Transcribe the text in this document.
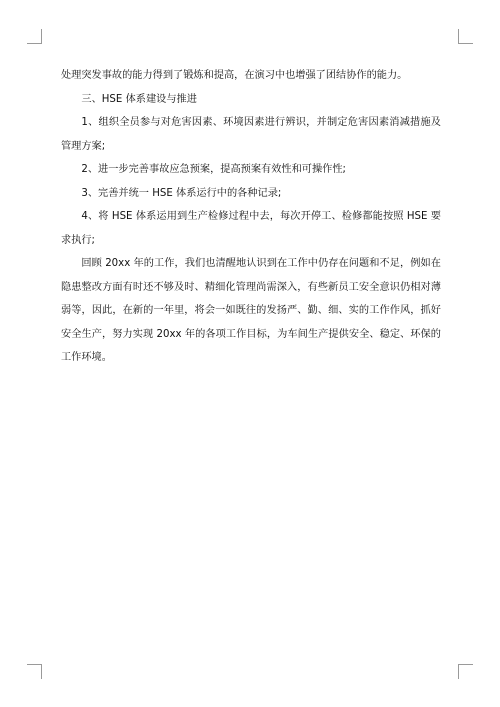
处理突发事故的能力得到了锻炼和提高，在演习中也增强了团结协作的能力。

三、HSE 体系建设与推进

1、组织全员参与对危害因素、环境因素进行辨识，并制定危害因素消减措施及管理方案;

2、进一步完善事故应急预案，提高预案有效性和可操作性;

3、完善并统一 HSE 体系运行中的各种记录;

4、将 HSE 体系运用到生产检修过程中去，每次开停工、检修都能按照 HSE 要求执行;

回顾 20xx 年的工作，我们也清醒地认识到在工作中仍存在问题和不足，例如在隐患整改方面有时还不够及时、精细化管理尚需深入，有些新员工安全意识仍相对薄弱等，因此，在新的一年里，将会一如既往的发扬严、勤、细、实的工作作风，抓好安全生产，努力实现 20xx 年的各项工作目标，为车间生产提供安全、稳定、环保的工作环境。
